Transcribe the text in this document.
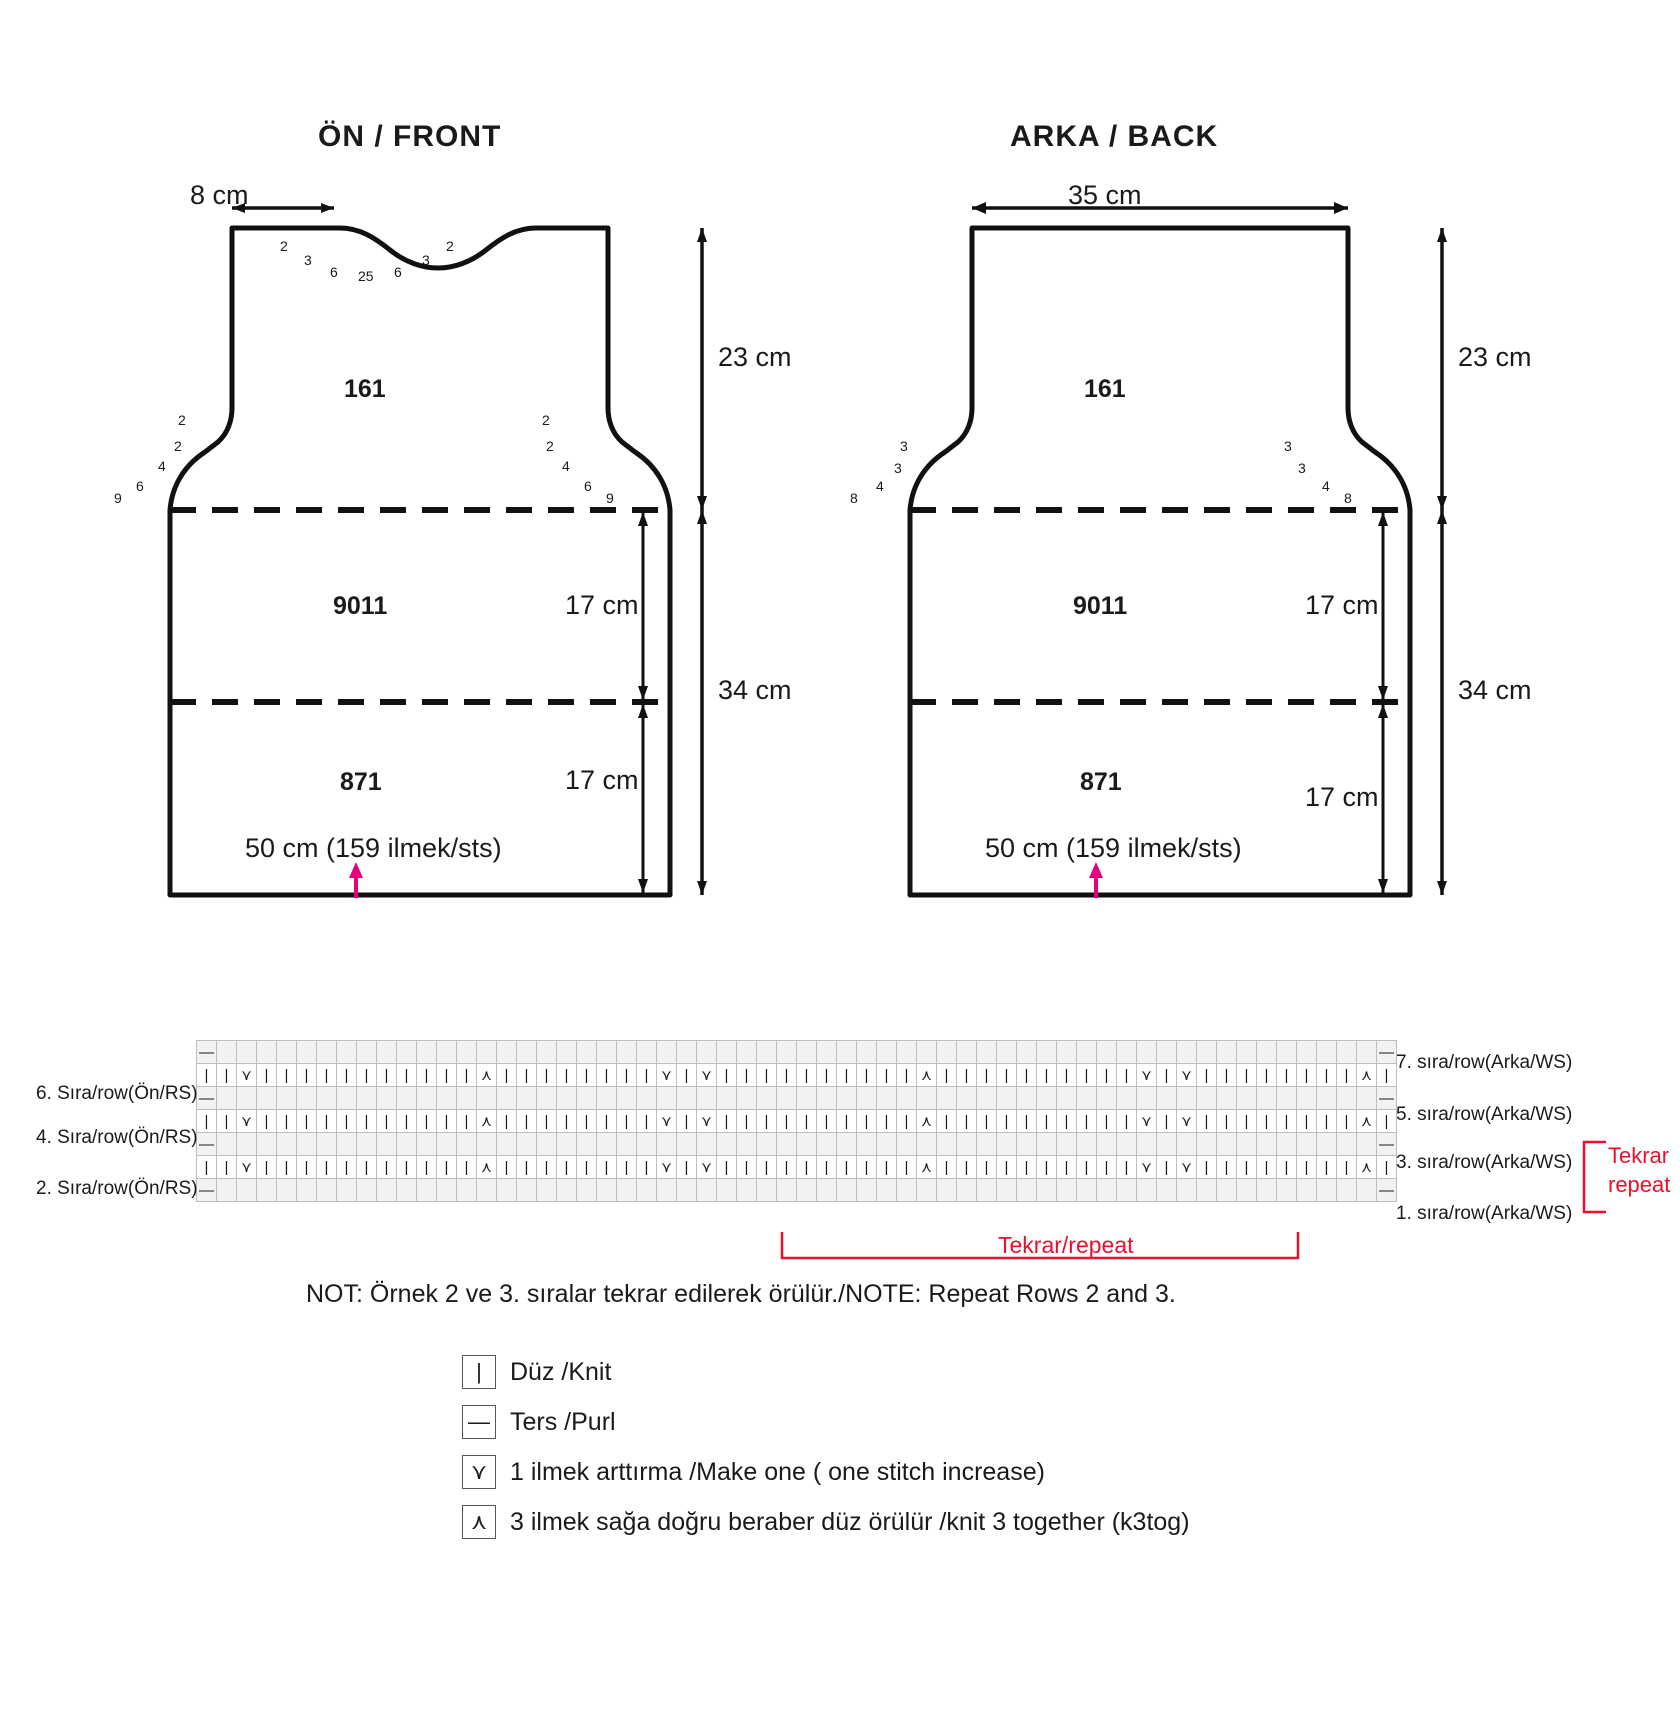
ÖN / FRONT
8 cm
23 cm
34 cm
17 cm
17 cm
50 cm (159 ilmek/sts)
161
9011
871
2
3
6 25 6
3
2
2
2
4
6
9
2
2
4
6
9
ARKA / BACK
35 cm
23 cm
34 cm
17 cm
17 cm
50 cm (159 ilmek/sts)
161
9011
871
3
3
4
8
3
3
4
8
—																																																											—
|	|	⋎	|	|	|	|	|	|	|	|	|	|	|	⋏	|	|	|	|	|	|	|	|	⋎	|	⋎	|	|	|	|	|	|	|	|	|	|	⋏	|	|	|	|	|	|	|	|	|	|	⋎	|	⋎	|	|	|	|	|	|	|	|	⋏	|
—																																																											—
|	|	⋎	|	|	|	|	|	|	|	|	|	|	|	⋏	|	|	|	|	|	|	|	|	⋎	|	⋎	|	|	|	|	|	|	|	|	|	|	⋏	|	|	|	|	|	|	|	|	|	|	⋎	|	⋎	|	|	|	|	|	|	|	|	⋏	|
—																																																											—
|	|	⋎	|	|	|	|	|	|	|	|	|	|	|	⋏	|	|	|	|	|	|	|	|	⋎	|	⋎	|	|	|	|	|	|	|	|	|	|	⋏	|	|	|	|	|	|	|	|	|	|	⋎	|	⋎	|	|	|	|	|	|	|	|	⋏	|
—																																																											—
6. Sıra/row(Ön/RS)
4. Sıra/row(Ön/RS)
2. Sıra/row(Ön/RS)
7. sıra/row(Arka/WS)
5. sıra/row(Arka/WS)
3. sıra/row(Arka/WS)
1. sıra/row(Arka/WS)
Tekrar/repeat
Tekrar
repeat
NOT: Örnek 2 ve 3. sıralar tekrar edilerek örülür./NOTE: Repeat Rows 2 and 3.
|	Düz /Knit
— Ters /Purl
⋎ 1 ilmek arttırma /Make one ( one stitch increase)
⋏ 3 ilmek sağa doğru beraber düz örülür /knit 3 together (k3tog)
